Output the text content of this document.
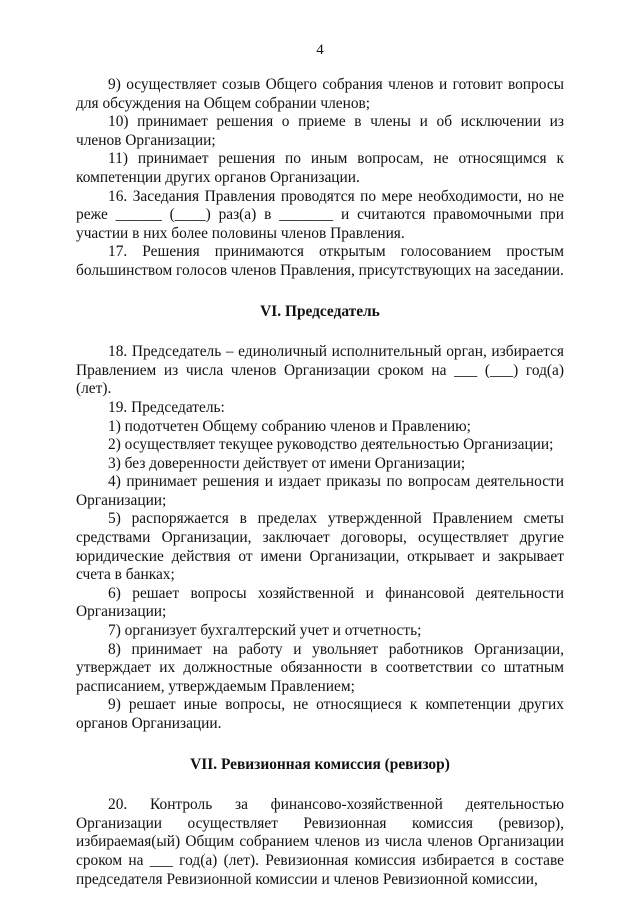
4

9) осуществляет созыв Общего собрания членов и готовит вопросы для обсуждения на Общем собрании членов;

10) принимает решения о приеме в члены и об исключении из членов Организации;

11) принимает решения по иным вопросам, не относящимся к компетенции других органов Организации.

16. Заседания Правления проводятся по мере необходимости, но не реже ______ (____) раз(а) в _______ и считаются правомочными при участии в них более половины членов Правления.

17. Решения принимаются открытым голосованием простым большинством голосов членов Правления, присутствующих на заседании.

VI. Председатель

18. Председатель – единоличный исполнительный орган, избирается Правлением из числа членов Организации сроком на ___ (___) год(а) (лет).

19. Председатель:

1) подотчетен Общему собранию членов и Правлению;

2) осуществляет текущее руководство деятельностью Организации;

3) без доверенности действует от имени Организации;

4) принимает решения и издает приказы по вопросам деятельности Организации;

5) распоряжается в пределах утвержденной Правлением сметы средствами Организации, заключает договоры, осуществляет другие юридические действия от имени Организации, открывает и закрывает счета в банках;

6) решает вопросы хозяйственной и финансовой деятельности Организации;

7) организует бухгалтерский учет и отчетность;

8) принимает на работу и увольняет работников Организации, утверждает их должностные обязанности в соответствии со штатным расписанием, утверждаемым Правлением;

9) решает иные вопросы, не относящиеся к компетенции других органов Организации.

VII. Ревизионная комиссия (ревизор)

20. Контроль за финансово-хозяйственной деятельностью Организации осуществляет Ревизионная комиссия (ревизор), избираемая(ый) Общим собранием членов из числа членов Организации сроком на ___ год(а) (лет). Ревизионная комиссия избирается в составе председателя Ревизионной комиссии и членов Ревизионной комиссии,
